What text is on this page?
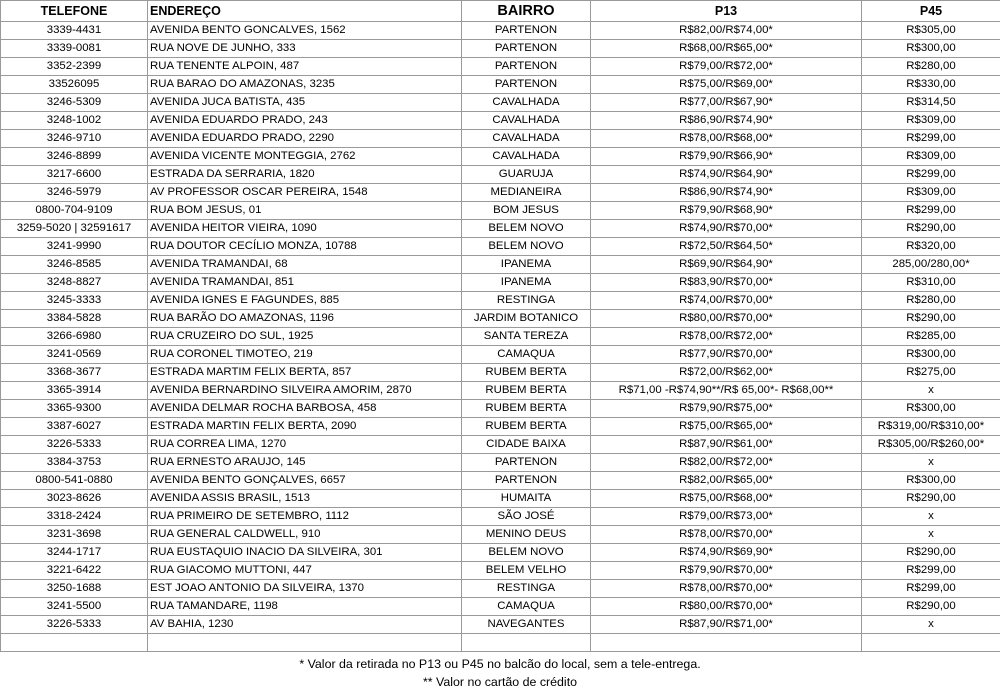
TELEFONE	ENDEREÇO	BAIRRO	P13	P45
3339-4431	AVENIDA BENTO GONCALVES, 1562	PARTENON	R$82,00/R$74,00*	R$305,00
3339-0081	RUA NOVE DE JUNHO, 333	PARTENON	R$68,00/R$65,00*	R$300,00
3352-2399	RUA TENENTE ALPOIN, 487	PARTENON	R$79,00/R$72,00*	R$280,00
33526095	RUA BARAO DO AMAZONAS, 3235	PARTENON	R$75,00/R$69,00*	R$330,00
3246-5309	AVENIDA JUCA BATISTA, 435	CAVALHADA	R$77,00/R$67,90*	R$314,50
3248-1002	AVENIDA EDUARDO PRADO, 243	CAVALHADA	R$86,90/R$74,90*	R$309,00
3246-9710	AVENIDA EDUARDO PRADO, 2290	CAVALHADA	R$78,00/R$68,00*	R$299,00
3246-8899	AVENIDA VICENTE MONTEGGIA, 2762	CAVALHADA	R$79,90/R$66,90*	R$309,00
3217-6600	ESTRADA DA SERRARIA, 1820	GUARUJA	R$74,90/R$64,90*	R$299,00
3246-5979	AV PROFESSOR OSCAR PEREIRA, 1548	MEDIANEIRA	R$86,90/R$74,90*	R$309,00
0800-704-9109	RUA BOM JESUS, 01	BOM JESUS	R$79,90/R$68,90*	R$299,00
3259-5020 | 32591617	AVENIDA HEITOR VIEIRA, 1090	BELEM NOVO	R$74,90/R$70,00*	R$290,00
3241-9990	RUA DOUTOR CECÍLIO MONZA, 10788	BELEM NOVO	R$72,50/R$64,50*	R$320,00
3246-8585	AVENIDA TRAMANDAI, 68	IPANEMA	R$69,90/R$64,90*	285,00/280,00*
3248-8827	AVENIDA TRAMANDAI, 851	IPANEMA	R$83,90/R$70,00*	R$310,00
3245-3333	AVENIDA IGNES E FAGUNDES, 885	RESTINGA	R$74,00/R$70,00*	R$280,00
3384-5828	RUA BARÃO DO AMAZONAS, 1196	JARDIM BOTANICO	R$80,00/R$70,00*	R$290,00
3266-6980	RUA CRUZEIRO DO SUL, 1925	SANTA TEREZA	R$78,00/R$72,00*	R$285,00
3241-0569	RUA CORONEL TIMOTEO, 219	CAMAQUA	R$77,90/R$70,00*	R$300,00
3368-3677	ESTRADA MARTIM FELIX BERTA, 857	RUBEM BERTA	R$72,00/R$62,00*	R$275,00
3365-3914	AVENIDA BERNARDINO SILVEIRA AMORIM, 2870	RUBEM BERTA	R$71,00 -R$74,90**/R$ 65,00*- R$68,00**	x
3365-9300	AVENIDA DELMAR ROCHA BARBOSA, 458	RUBEM BERTA	R$79,90/R$75,00*	R$300,00
3387-6027	ESTRADA MARTIN FELIX BERTA, 2090	RUBEM BERTA	R$75,00/R$65,00*	R$319,00/R$310,00*
3226-5333	RUA CORREA LIMA, 1270	CIDADE BAIXA	R$87,90/R$61,00*	R$305,00/R$260,00*
3384-3753	RUA ERNESTO ARAUJO, 145	PARTENON	R$82,00/R$72,00*	x
0800-541-0880	AVENIDA BENTO GONÇALVES, 6657	PARTENON	R$82,00/R$65,00*	R$300,00
3023-8626	AVENIDA ASSIS BRASIL, 1513	HUMAITA	R$75,00/R$68,00*	R$290,00
3318-2424	RUA PRIMEIRO DE SETEMBRO, 1112	SÃO JOSÉ	R$79,00/R$73,00*	x
3231-3698	RUA GENERAL CALDWELL, 910	MENINO DEUS	R$78,00/R$70,00*	x
3244-1717	RUA EUSTAQUIO INACIO DA SILVEIRA, 301	BELEM NOVO	R$74,90/R$69,90*	R$290,00
3221-6422	RUA GIACOMO MUTTONI, 447	BELEM VELHO	R$79,90/R$70,00*	R$299,00
3250-1688	EST JOAO ANTONIO DA SILVEIRA, 1370	RESTINGA	R$78,00/R$70,00*	R$299,00
3241-5500	RUA TAMANDARE, 1198	CAMAQUA	R$80,00/R$70,00*	R$290,00
3226-5333	AV BAHIA, 1230	NAVEGANTES	R$87,90/R$71,00*	x

* Valor da retirada no P13 ou P45 no balcão do local, sem a tele-entrega.
** Valor no cartão de crédito
